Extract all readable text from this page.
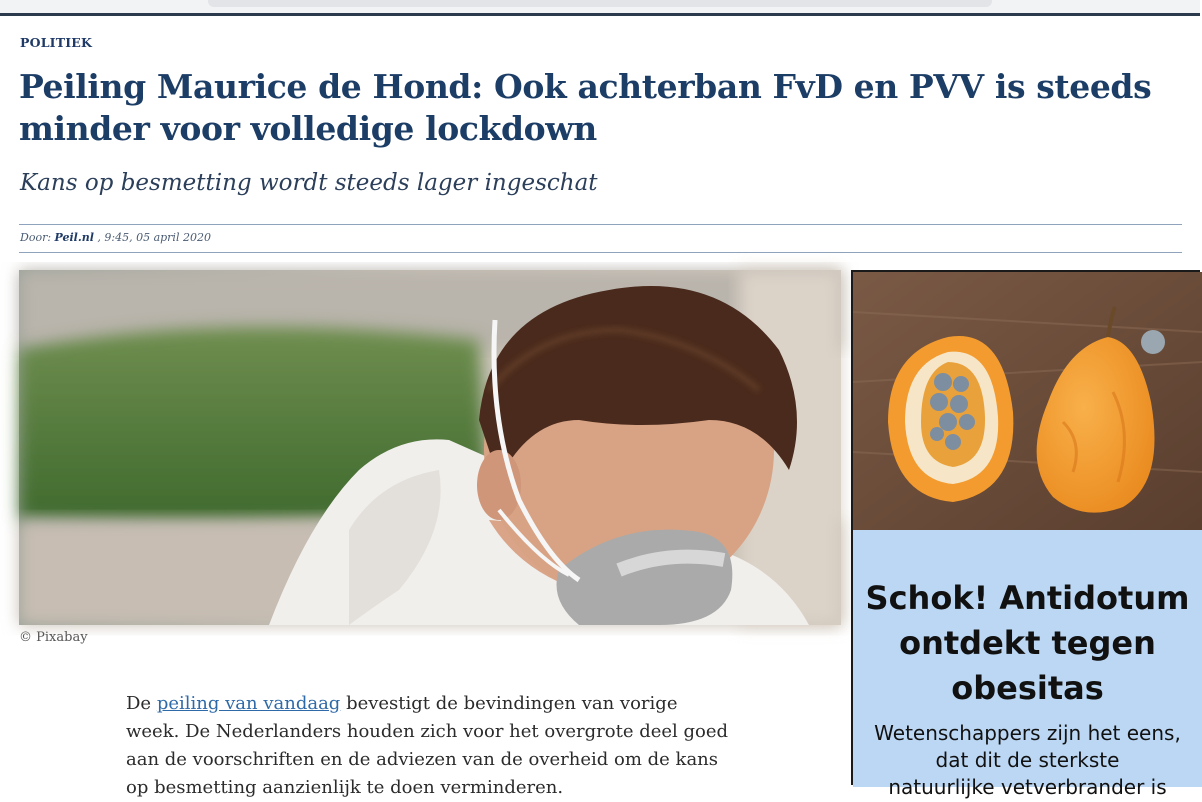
POLITIEK
Peiling Maurice de Hond: Ook achterban FvD en PVV is steeds
minder voor volledige lockdown
Kans op besmetting wordt steeds lager ingeschat
Door: Peil.nl , 9:45, 05 april 2020
© Pixabay
De peiling van vandaag bevestigt de bevindingen van vorige
week. De Nederlanders houden zich voor het overgrote deel goed
aan de voorschriften en de adviezen van de overheid om de kans
op besmetting aanzienlijk te doen verminderen.
Schok! Antidotum
ontdekt tegen
obesitas
Wetenschappers zijn het eens,
dat dit de sterkste
natuurlijke vetverbrander is
